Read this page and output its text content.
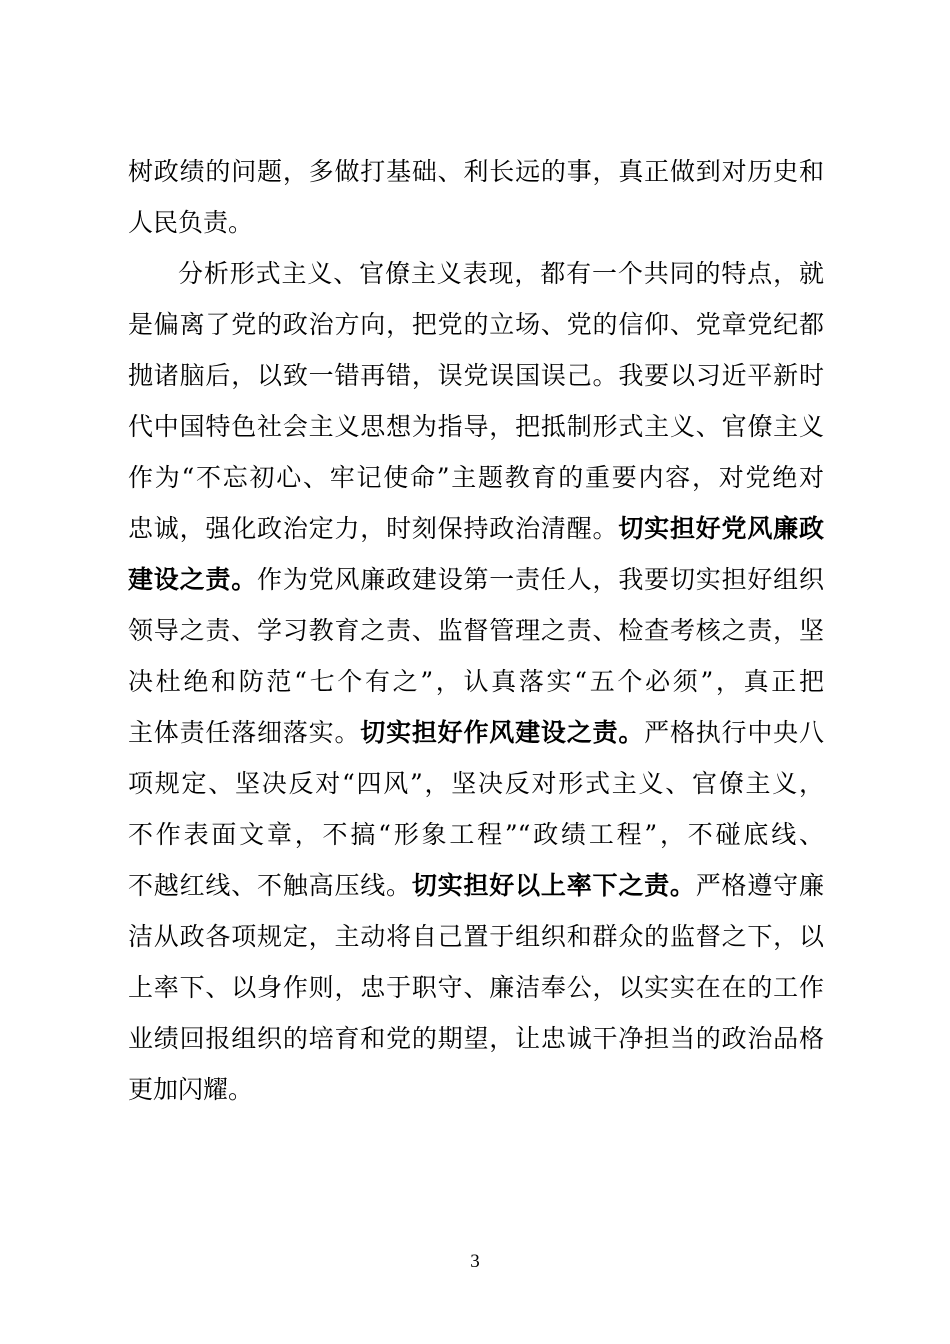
树政绩的问题，多做打基础、利长远的事，真正做到对历史和
人民负责。
分析形式主义、官僚主义表现，都有一个共同的特点，就
是偏离了党的政治方向，把党的立场、党的信仰、党章党纪都
抛诸脑后，以致一错再错，误党误国误己。我要以习近平新时
代中国特色社会主义思想为指导，把抵制形式主义、官僚主义
作为“不忘初心、牢记使命”主题教育的重要内容，对党绝对
忠诚，强化政治定力，时刻保持政治清醒。切实担好党风廉政
建设之责。作为党风廉政建设第一责任人，我要切实担好组织
领导之责、学习教育之责、监督管理之责、检查考核之责，坚
决杜绝和防范“七个有之”，认真落实“五个必须”，真正把
主体责任落细落实。切实担好作风建设之责。严格执行中央八
项规定、坚决反对“四风”，坚决反对形式主义、官僚主义，
不作表面文章，不搞“形象工程”“政绩工程”，不碰底线、
不越红线、不触高压线。切实担好以上率下之责。严格遵守廉
洁从政各项规定，主动将自己置于组织和群众的监督之下，以
上率下、以身作则，忠于职守、廉洁奉公，以实实在在的工作
业绩回报组织的培育和党的期望，让忠诚干净担当的政治品格
更加闪耀。
3
